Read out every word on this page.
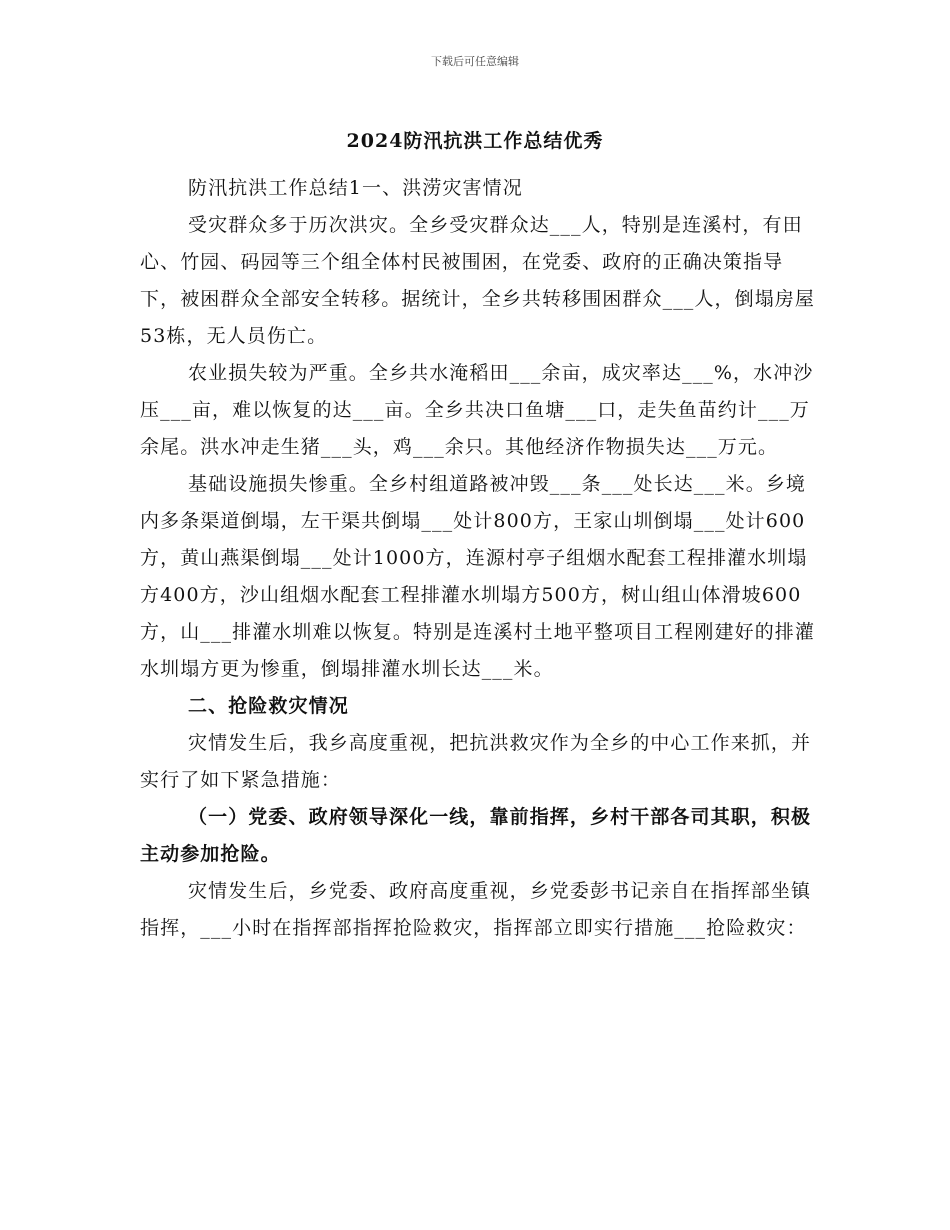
下载后可任意编辑
2024防汛抗洪工作总结优秀

防汛抗洪工作总结1一、洪涝灾害情况

受灾群众多于历次洪灾。全乡受灾群众达___人，特别是连溪村，有田心、竹园、码园等三个组全体村民被围困，在党委、政府的正确决策指导下，被困群众全部安全转移。据统计，全乡共转移围困群众___人，倒塌房屋53栋，无人员伤亡。

农业损失较为严重。全乡共水淹稻田___余亩，成灾率达___%，水冲沙压___亩，难以恢复的达___亩。全乡共决口鱼塘___口，走失鱼苗约计___万余尾。洪水冲走生猪___头，鸡___余只。其他经济作物损失达___万元。

基础设施损失惨重。全乡村组道路被冲毁___条___处长达___米。乡境内多条渠道倒塌，左干渠共倒塌___处计800方，王家山圳倒塌___处计600方，黄山燕渠倒塌___处计1000方，连源村亭子组烟水配套工程排灌水圳塌方400方，沙山组烟水配套工程排灌水圳塌方500方，树山组山体滑坡600方，山___排灌水圳难以恢复。特别是连溪村土地平整项目工程刚建好的排灌水圳塌方更为惨重，倒塌排灌水圳长达___米。

二、抢险救灾情况

灾情发生后，我乡高度重视，把抗洪救灾作为全乡的中心工作来抓，并实行了如下紧急措施：

（一）党委、政府领导深化一线，靠前指挥，乡村干部各司其职，积极主动参加抢险。

灾情发生后，乡党委、政府高度重视，乡党委彭书记亲自在指挥部坐镇指挥，___小时在指挥部指挥抢险救灾，指挥部立即实行措施___抢险救灾：
